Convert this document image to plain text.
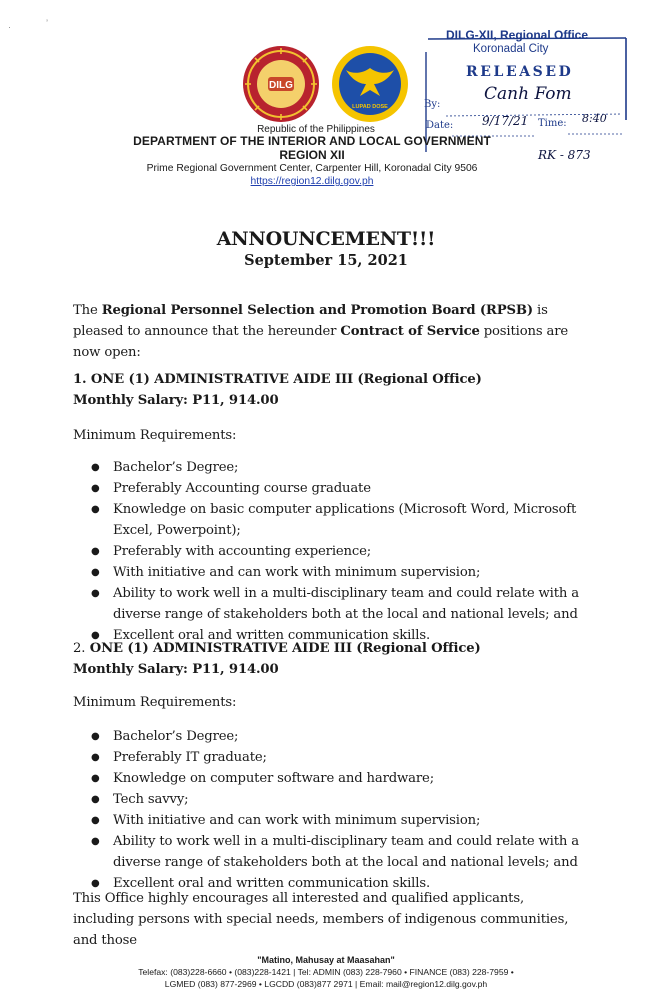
·	’
DILG
LUPAD DOSE
DILG-XII, Regional Office
Koronadal City
RELEASED
By:
Date:	Time:
Canh Fom
9/17/21	8:40
RK - 873
Republic of the Philippines
DEPARTMENT OF THE INTERIOR AND LOCAL GOVERNMENT
REGION XII
Prime Regional Government Center, Carpenter Hill, Koronadal City 9506
https://region12.dilg.gov.ph
ANNOUNCEMENT!!!
September 15, 2021
The Regional Personnel Selection and Promotion Board (RPSB) is pleased to announce that the hereunder Contract of Service positions are now open:
1. ONE (1) ADMINISTRATIVE AIDE III (Regional Office)
Monthly Salary: P11, 914.00
Minimum Requirements:
● Bachelor’s Degree;
● Preferably Accounting course graduate
● Knowledge on basic computer applications (Microsoft Word, Microsoft Excel, Powerpoint);
● Preferably with accounting experience;
● With initiative and can work with minimum supervision;
● Ability to work well in a multi-disciplinary team and could relate with a diverse range of stakeholders both at the local and national levels; and
● Excellent oral and written communication skills.
2. ONE (1) ADMINISTRATIVE AIDE III (Regional Office)
Monthly Salary: P11, 914.00
Minimum Requirements:
● Bachelor’s Degree;
● Preferably IT graduate;
● Knowledge on computer software and hardware;
● Tech savvy;
● With initiative and can work with minimum supervision;
● Ability to work well in a multi-disciplinary team and could relate with a diverse range of stakeholders both at the local and national levels; and
● Excellent oral and written communication skills.
This Office highly encourages all interested and qualified applicants, including persons with special needs, members of indigenous communities, and those
"Matino, Mahusay at Maasahan"
Telefax: (083)228-6660 • (083)228-1421 | Tel: ADMIN (083) 228-7960 • FINANCE (083) 228-7959 •
LGMED (083) 877-2969 • LGCDD (083)877 2971 | Email: mail@region12.dilg.gov.ph
